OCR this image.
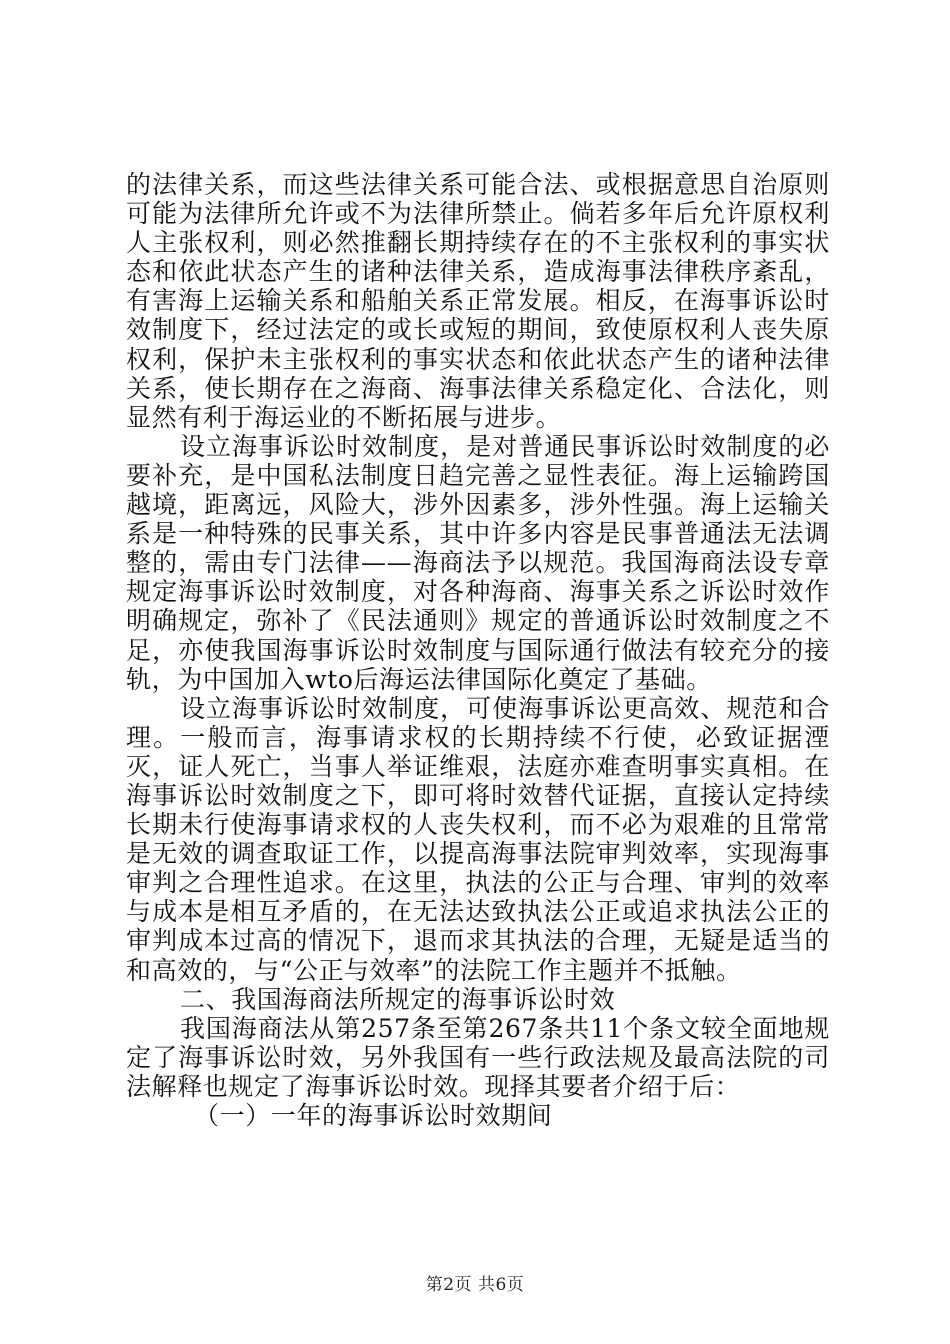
的法律关系，而这些法律关系可能合法、或根据意思自治原则可能为法律所允许或不为法律所禁止。倘若多年后允许原权利人主张权利，则必然推翻长期持续存在的不主张权利的事实状态和依此状态产生的诸种法律关系，造成海事法律秩序紊乱，有害海上运输关系和船舶关系正常发展。相反，在海事诉讼时效制度下，经过法定的或长或短的期间，致使原权利人丧失原权利，保护未主张权利的事实状态和依此状态产生的诸种法律关系，使长期存在之海商、海事法律关系稳定化、合法化，则显然有利于海运业的不断拓展与进步。

设立海事诉讼时效制度，是对普通民事诉讼时效制度的必要补充，是中国私法制度日趋完善之显性表征。海上运输跨国越境，距离远，风险大，涉外因素多，涉外性强。海上运输关系是一种特殊的民事关系，其中许多内容是民事普通法无法调整的，需由专门法律——海商法予以规范。我国海商法设专章规定海事诉讼时效制度，对各种海商、海事关系之诉讼时效作明确规定，弥补了《民法通则》规定的普通诉讼时效制度之不足，亦使我国海事诉讼时效制度与国际通行做法有较充分的接轨，为中国加入wto后海运法律国际化奠定了基础。

设立海事诉讼时效制度，可使海事诉讼更高效、规范和合理。一般而言，海事请求权的长期持续不行使，必致证据湮灭，证人死亡，当事人举证维艰，法庭亦难查明事实真相。在海事诉讼时效制度之下，即可将时效替代证据，直接认定持续长期未行使海事请求权的人丧失权利，而不必为艰难的且常常是无效的调查取证工作，以提高海事法院审判效率，实现海事审判之合理性追求。在这里，执法的公正与合理、审判的效率与成本是相互矛盾的，在无法达致执法公正或追求执法公正的审判成本过高的情况下，退而求其执法的合理，无疑是适当的和高效的，与“公正与效率”的法院工作主题并不抵触。

二、我国海商法所规定的海事诉讼时效

我国海商法从第257条至第267条共11个条文较全面地规定了海事诉讼时效，另外我国有一些行政法规及最高法院的司法解释也规定了海事诉讼时效。现择其要者介绍于后：

（一）一年的海事诉讼时效期间

第2页 共6页
